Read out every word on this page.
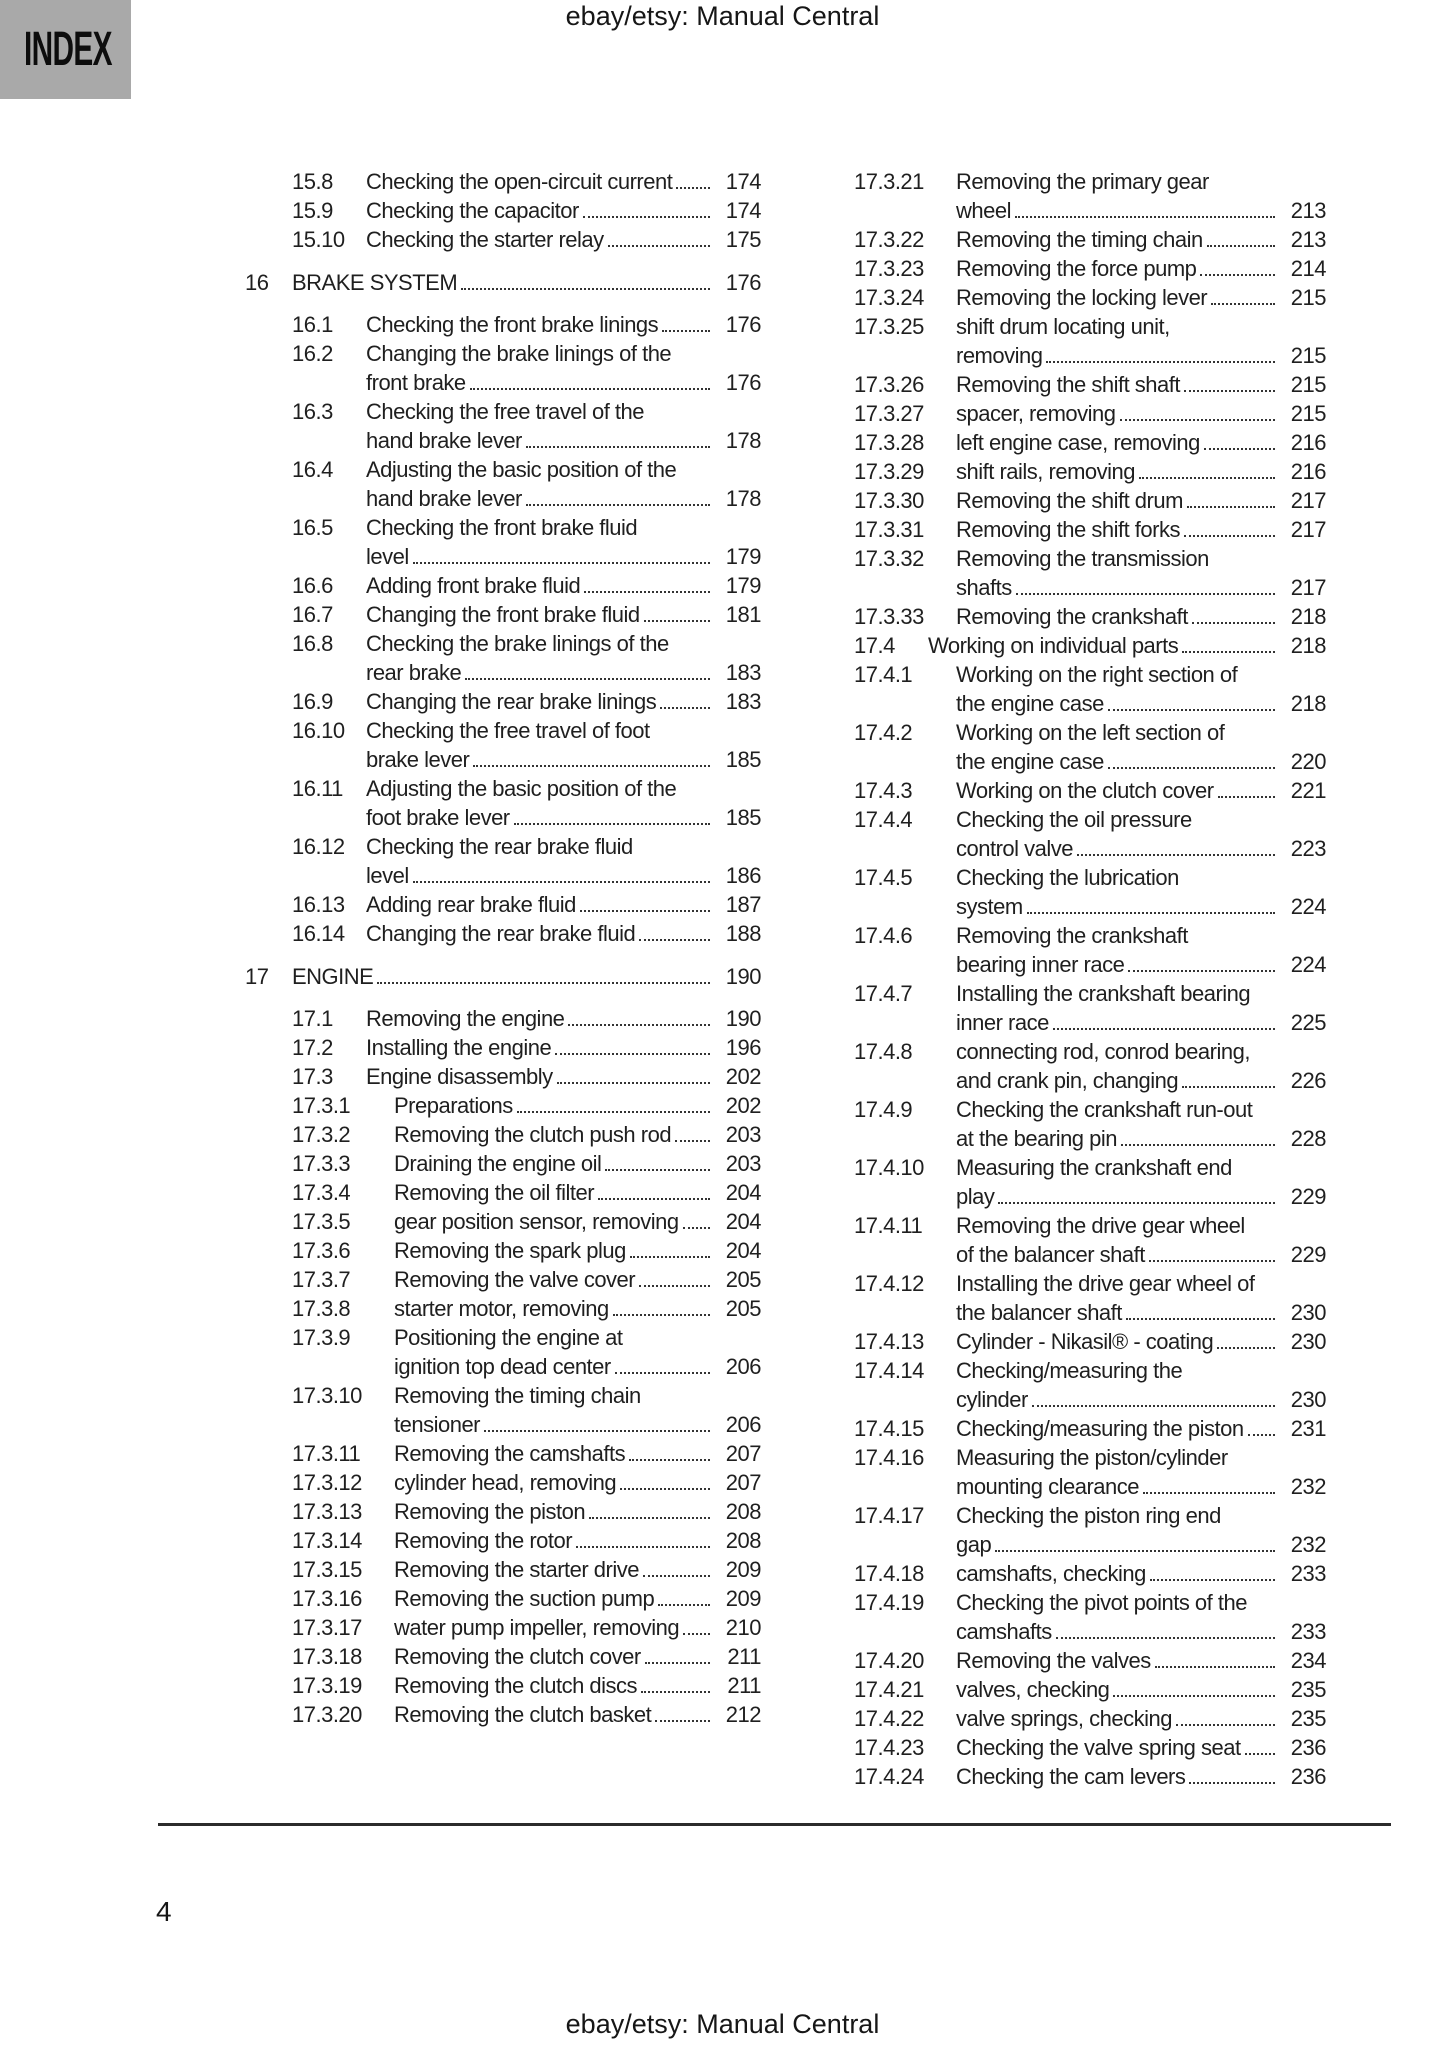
INDEX
ebay/etsy: Manual Central
15.8	Checking the open-circuit current	174
15.9	Checking the capacitor	174
15.10 Checking the starter relay	175
16	BRAKE SYSTEM	176
16.1	Checking the front brake linings	176
16.2	Changing the brake linings of the
front brake	176
16.3	Checking the free travel of the
hand brake lever	178
16.4	Adjusting the basic position of the
hand brake lever	178
16.5	Checking the front brake fluid
level	179
16.6	Adding front brake fluid	179
16.7	Changing the front brake fluid	181
16.8	Checking the brake linings of the
rear brake	183
16.9	Changing the rear brake linings	183
16.10 Checking the free travel of foot
brake lever	185
16.11	Adjusting the basic position of the
foot brake lever	185
16.12 Checking the rear brake fluid
level	186
16.13 Adding rear brake fluid	187
16.14 Changing the rear brake fluid	188
17	ENGINE	190
17.1	Removing the engine	190
17.2	Installing the engine	196
17.3	Engine disassembly	202
17.3.1	Preparations	202
17.3.2	Removing the clutch push rod	203
17.3.3	Draining the engine oil	203
17.3.4	Removing the oil filter	204
17.3.5	gear position sensor, removing	204
17.3.6	Removing the spark plug	204
17.3.7	Removing the valve cover	205
17.3.8	starter motor, removing	205
17.3.9	Positioning the engine at
ignition top dead center	206
17.3.10	Removing the timing chain
tensioner	206
17.3.11	Removing the camshafts	207
17.3.12	cylinder head, removing	207
17.3.13	Removing the piston	208
17.3.14	Removing the rotor	208
17.3.15	Removing the starter drive	209
17.3.16	Removing the suction pump	209
17.3.17	water pump impeller, removing	210
17.3.18	Removing the clutch cover	211
17.3.19	Removing the clutch discs	211
17.3.20	Removing the clutch basket	212
17.3.21	Removing the primary gear
wheel	213
17.3.22	Removing the timing chain	213
17.3.23	Removing the force pump	214
17.3.24	Removing the locking lever	215
17.3.25	shift drum locating unit,
removing	215
17.3.26	Removing the shift shaft	215
17.3.27	spacer, removing	215
17.3.28	left engine case, removing	216
17.3.29	shift rails, removing	216
17.3.30	Removing the shift drum	217
17.3.31	Removing the shift forks	217
17.3.32	Removing the transmission
shafts	217
17.3.33	Removing the crankshaft	218
17.4	Working on individual parts	218
17.4.1	Working on the right section of
the engine case	218
17.4.2	Working on the left section of
the engine case	220
17.4.3	Working on the clutch cover	221
17.4.4	Checking the oil pressure
control valve	223
17.4.5	Checking the lubrication
system	224
17.4.6	Removing the crankshaft
bearing inner race	224
17.4.7	Installing the crankshaft bearing
inner race	225
17.4.8	connecting rod, conrod bearing,
and crank pin, changing	226
17.4.9	Checking the crankshaft run-out
at the bearing pin	228
17.4.10	Measuring the crankshaft end
play	229
17.4.11	Removing the drive gear wheel
of the balancer shaft	229
17.4.12	Installing the drive gear wheel of
the balancer shaft	230
17.4.13	Cylinder - Nikasil® - coating	230
17.4.14	Checking/measuring the
cylinder	230
17.4.15	Checking/measuring the piston	231
17.4.16	Measuring the piston/cylinder
mounting clearance	232
17.4.17	Checking the piston ring end
gap	232
17.4.18	camshafts, checking	233
17.4.19	Checking the pivot points of the
camshafts	233
17.4.20	Removing the valves	234
17.4.21	valves, checking	235
17.4.22	valve springs, checking	235
17.4.23	Checking the valve spring seat	236
17.4.24	Checking the cam levers	236
4
ebay/etsy: Manual Central
